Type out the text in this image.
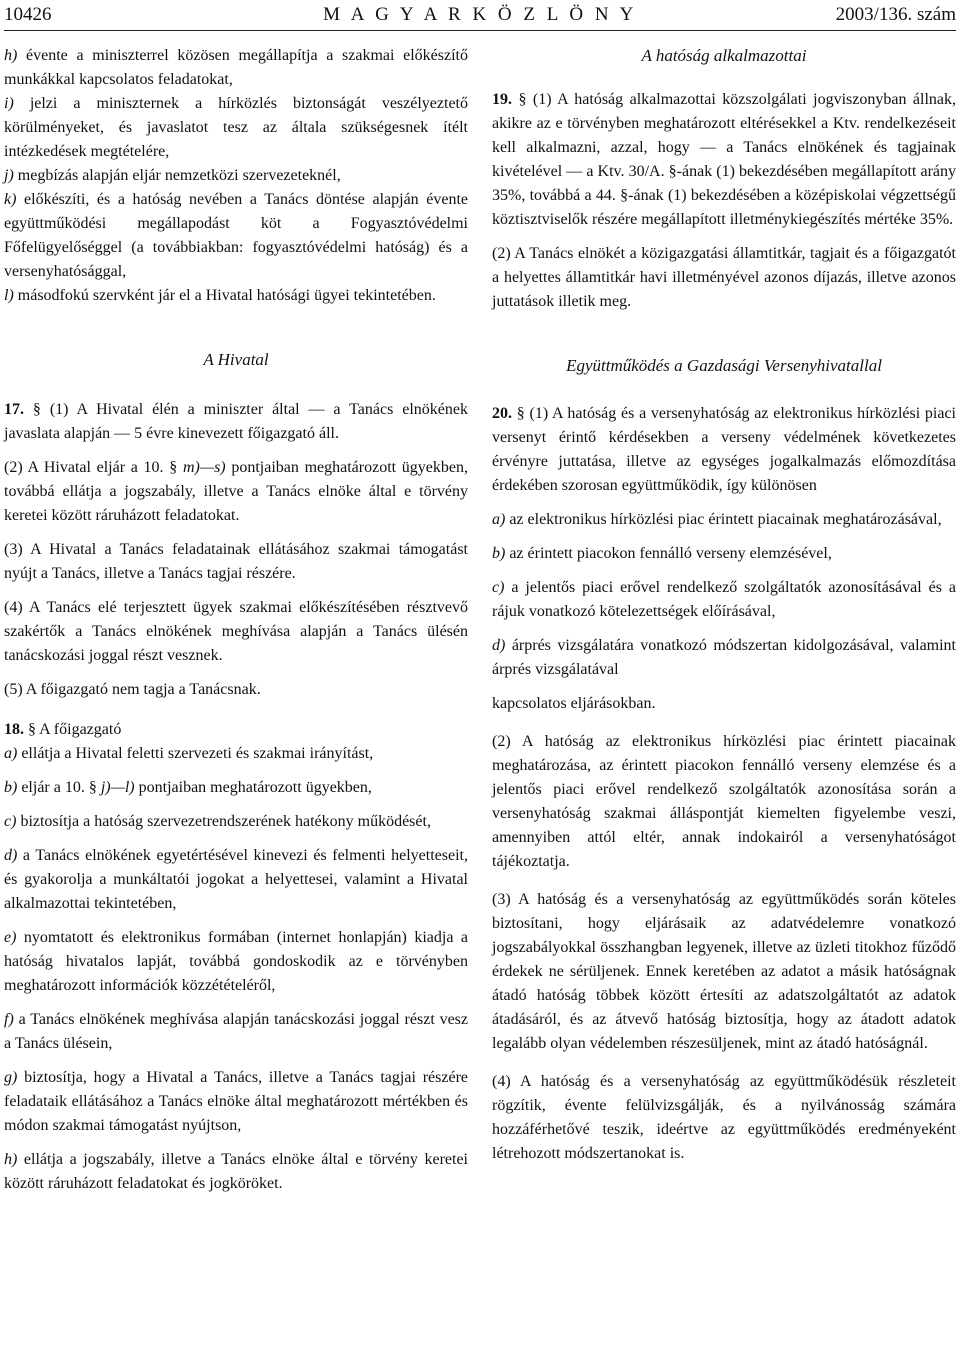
10426	M A G Y A R K Ö Z L Ö N Y	2003/136. szám

h) évente a miniszterrel közösen megállapítja a szakmai előkészítő munkákkal kapcsolatos feladatokat,

i) jelzi a miniszternek a hírközlés biztonságát veszélyeztető körülményeket, és javaslatot tesz az általa szükségesnek ítélt intézkedések megtételére,

j) megbízás alapján eljár nemzetközi szervezeteknél,

k) előkészíti, és a hatóság nevében a Tanács döntése alapján évente együttműködési megállapodást köt a Fogyasztóvédelmi Főfelügyelőséggel (a továbbiakban: fogyasztóvédelmi hatóság) és a versenyhatósággal,

l) másodfokú szervként jár el a Hivatal hatósági ügyei tekintetében.

A Hivatal

17. § (1) A Hivatal élén a miniszter által — a Tanács elnökének javaslata alapján — 5 évre kinevezett főigazgató áll.

(2) A Hivatal eljár a 10. § m)—s) pontjaiban meghatározott ügyekben, továbbá ellátja a jogszabály, illetve a Tanács elnöke által e törvény keretei között ráruházott feladatokat.

(3) A Hivatal a Tanács feladatainak ellátásához szakmai támogatást nyújt a Tanács, illetve a Tanács tagjai részére.

(4) A Tanács elé terjesztett ügyek szakmai előkészítésében résztvevő szakértők a Tanács elnökének meghívása alapján a Tanács ülésén tanácskozási joggal részt vesznek.

(5) A főigazgató nem tagja a Tanácsnak.

18. § A főigazgató

a) ellátja a Hivatal feletti szervezeti és szakmai irányítást,

b) eljár a 10. § j)—l) pontjaiban meghatározott ügyekben,

c) biztosítja a hatóság szervezetrendszerének hatékony működését,

d) a Tanács elnökének egyetértésével kinevezi és felmenti helyetteseit, és gyakorolja a munkáltatói jogokat a helyettesei, valamint a Hivatal alkalmazottai tekintetében,

e) nyomtatott és elektronikus formában (internet honlapján) kiadja a hatóság hivatalos lapját, továbbá gondoskodik az e törvényben meghatározott információk közzétételéről,

f) a Tanács elnökének meghívása alapján tanácskozási joggal részt vesz a Tanács ülésein,

g) biztosítja, hogy a Hivatal a Tanács, illetve a Tanács tagjai részére feladataik ellátásához a Tanács elnöke által meghatározott mértékben és módon szakmai támogatást nyújtson,

h) ellátja a jogszabály, illetve a Tanács elnöke által e törvény keretei között ráruházott feladatokat és jogköröket.

A hatóság alkalmazottai

19. § (1) A hatóság alkalmazottai közszolgálati jogviszonyban állnak, akikre az e törvényben meghatározott eltérésekkel a Ktv. rendelkezéseit kell alkalmazni, azzal, hogy — a Tanács elnökének és tagjainak kivételével — a Ktv. 30/A. §-ának (1) bekezdésében megállapított arány 35%, továbbá a 44. §-ának (1) bekezdésében a középiskolai végzettségű köztisztviselők részére megállapított illetménykiegészítés mértéke 35%.

(2) A Tanács elnökét a közigazgatási államtitkár, tagjait és a főigazgatót a helyettes államtitkár havi illetményével azonos díjazás, illetve azonos juttatások illetik meg.

Együttműködés a Gazdasági Versenyhivatallal

20. § (1) A hatóság és a versenyhatóság az elektronikus hírközlési piaci versenyt érintő kérdésekben a verseny védelmének következetes érvényre juttatása, illetve az egységes jogalkalmazás előmozdítása érdekében szorosan együttműködik, így különösen

a) az elektronikus hírközlési piac érintett piacainak meghatározásával,

b) az érintett piacokon fennálló verseny elemzésével,

c) a jelentős piaci erővel rendelkező szolgáltatók azonosításával és a rájuk vonatkozó kötelezettségek előírásával,

d) árprés vizsgálatára vonatkozó módszertan kidolgozásával, valamint árprés vizsgálatával

kapcsolatos eljárásokban.

(2) A hatóság az elektronikus hírközlési piac érintett piacainak meghatározása, az érintett piacokon fennálló verseny elemzése és a jelentős piaci erővel rendelkező szolgáltatók azonosítása során a versenyhatóság szakmai álláspontját kiemelten figyelembe veszi, amennyiben attól eltér, annak indokairól a versenyhatóságot tájékoztatja.

(3) A hatóság és a versenyhatóság az együttműködés során köteles biztosítani, hogy eljárásaik az adatvédelemre vonatkozó jogszabályokkal összhangban legyenek, illetve az üzleti titokhoz fűződő érdekek ne sérüljenek. Ennek keretében az adatot a másik hatóságnak átadó hatóság többek között értesíti az adatszolgáltatót az adatok átadásáról, és az átvevő hatóság biztosítja, hogy az átadott adatok legalább olyan védelemben részesüljenek, mint az átadó hatóságnál.

(4) A hatóság és a versenyhatóság az együttműködésük részleteit rögzítik, évente felülvizsgálják, és a nyilvánosság számára hozzáférhetővé teszik, ideértve az együttműködés eredményeként létrehozott módszertanokat is.
